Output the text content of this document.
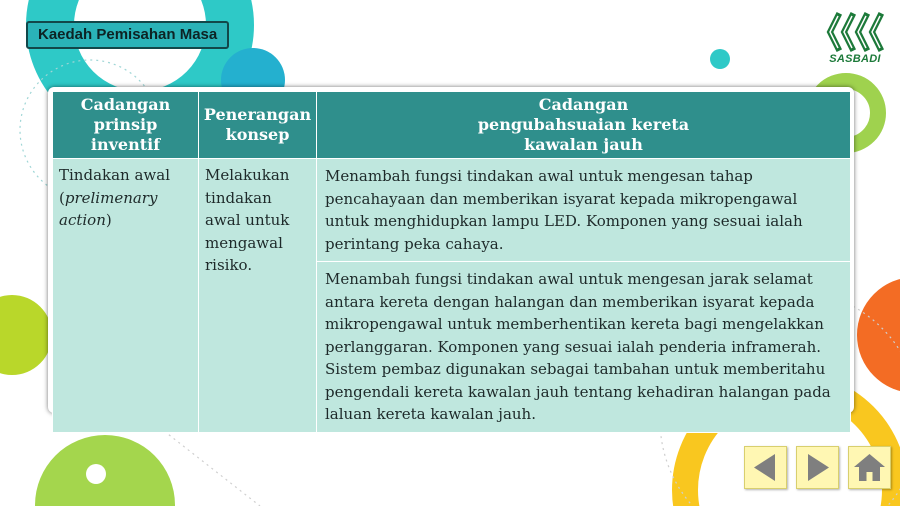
Kaedah Pemisahan Masa
SASBADI
Cadangan prinsip inventif	Penerangan konsep	Cadangan pengubahsuaian kereta kawalan jauh
Tindakan awal (prelimenary action)	Melakukan tindakan awal untuk mengawal risiko.	Menambah fungsi tindakan awal untuk mengesan tahap pencahayaan dan memberikan isyarat kepada mikropengawal untuk menghidupkan lampu LED. Komponen yang sesuai ialah perintang peka cahaya.
		Menambah fungsi tindakan awal untuk mengesan jarak selamat antara kereta dengan halangan dan memberikan isyarat kepada mikropengawal untuk memberhentikan kereta bagi mengelakkan perlanggaran. Komponen yang sesuai ialah penderia inframerah. Sistem pembaz digunakan sebagai tambahan untuk memberitahu pengendali kereta kawalan jauh tentang kehadiran halangan pada laluan kereta kawalan jauh.
